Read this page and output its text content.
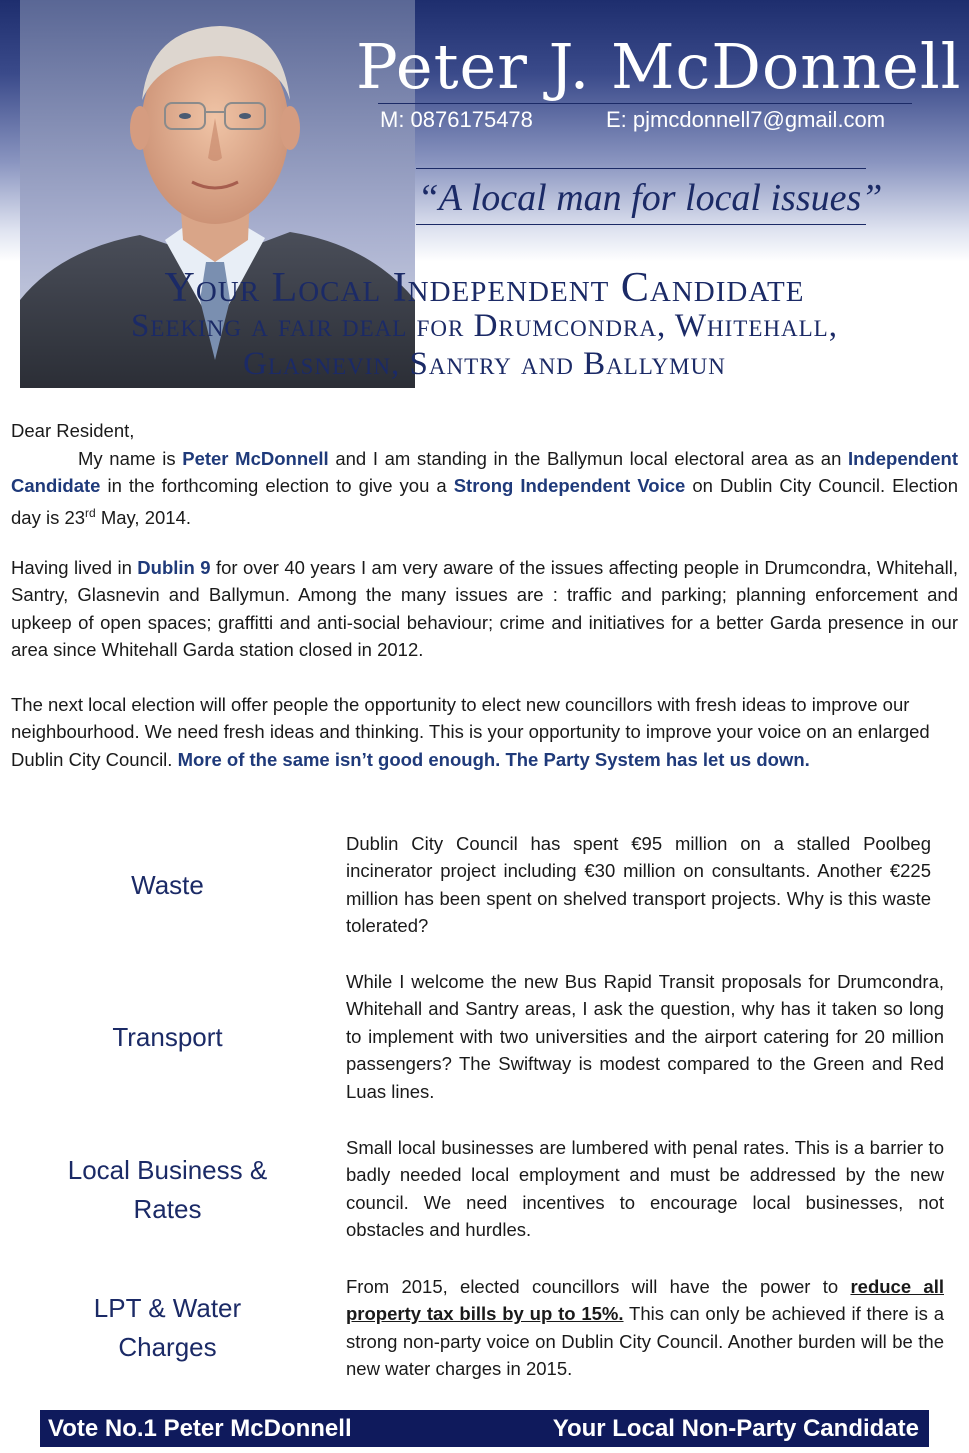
Peter J. McDonnell
M: 0876175478	E: pjmcdonnell7@gmail.com
“A local man for local issues”
Your Local Independent Candidate
Seeking a fair deal for Drumcondra, Whitehall,
Glasnevin, Santry and Ballymun
Dear Resident,
My name is Peter McDonnell and I am standing in the Ballymun local electoral area as an Independent Candidate in the forthcoming election to give you a Strong Independent Voice on Dublin City Council. Election day is 23rd May, 2014.
Having lived in Dublin 9 for over 40 years I am very aware of the issues affecting people in Drumcondra, Whitehall, Santry, Glasnevin and Ballymun. Among the many issues are : traffic and parking; planning enforcement and upkeep of open spaces; graffitti and anti-social behaviour; crime and initiatives for a better Garda presence in our area since Whitehall Garda station closed in 2012.
The next local election will offer people the opportunity to elect new councillors with fresh ideas to improve our neighbourhood. We need fresh ideas and thinking. This is your opportunity to improve your voice on an enlarged Dublin City Council. More of the same isn’t good enough. The Party System has let us down.
Waste
Dublin City Council has spent €95 million on a stalled Poolbeg incinerator project including €30 million on consultants. Another €225 million has been spent on shelved transport projects. Why is this waste tolerated?
Transport
While I welcome the new Bus Rapid Transit proposals for Drumcondra, Whitehall and Santry areas, I ask the question, why has it taken so long to implement with two universities and the airport catering for 20 million passengers? The Swiftway is modest compared to the Green and Red Luas lines.
Local Business &
Rates
Small local businesses are lumbered with penal rates. This is a barrier to badly needed local employment and must be addressed by the new council. We need incentives to encourage local businesses, not obstacles and hurdles.
LPT & Water
Charges
From 2015, elected councillors will have the power to reduce all property tax bills by up to 15%. This can only be achieved if there is a strong non-party voice on Dublin City Council. Another burden will be the new water charges in 2015.
Vote No.1 Peter McDonnell	Your Local Non-Party Candidate
